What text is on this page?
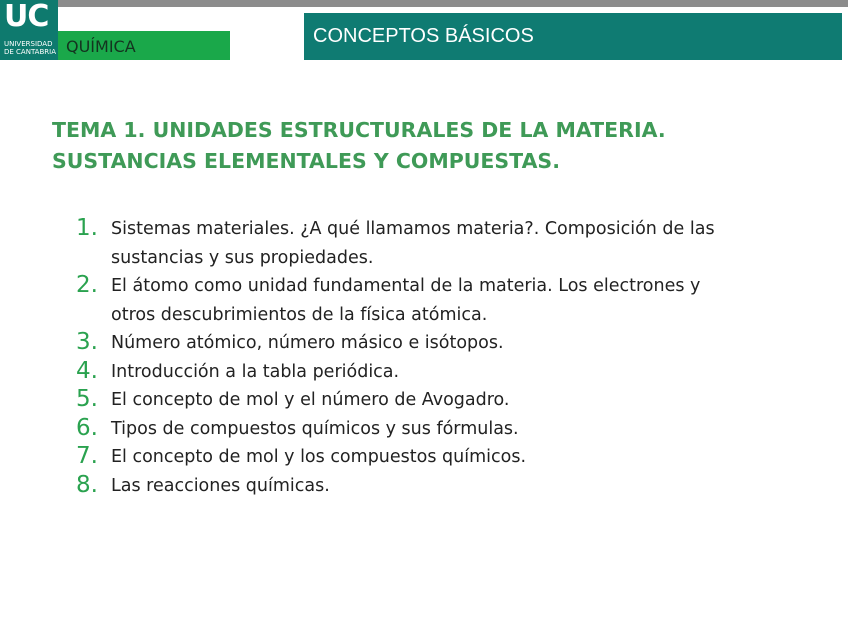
UC
UNIVERSIDAD
DE CANTABRIA QUÍMICA	CONCEPTOS BÁSICOS
TEMA 1. UNIDADES ESTRUCTURALES DE LA MATERIA.
SUSTANCIAS ELEMENTALES Y COMPUESTAS.
1. Sistemas materiales. ¿A qué llamamos materia?. Composición de las
sustancias y sus propiedades.
2. El átomo como unidad fundamental de la materia. Los electrones y
otros descubrimientos de la física atómica.
3. Número atómico, número másico e isótopos.
4. Introducción a la tabla periódica.
5. El concepto de mol y el número de Avogadro.
6. Tipos de compuestos químicos y sus fórmulas.
7. El concepto de mol y los compuestos químicos.
8. Las reacciones químicas.
